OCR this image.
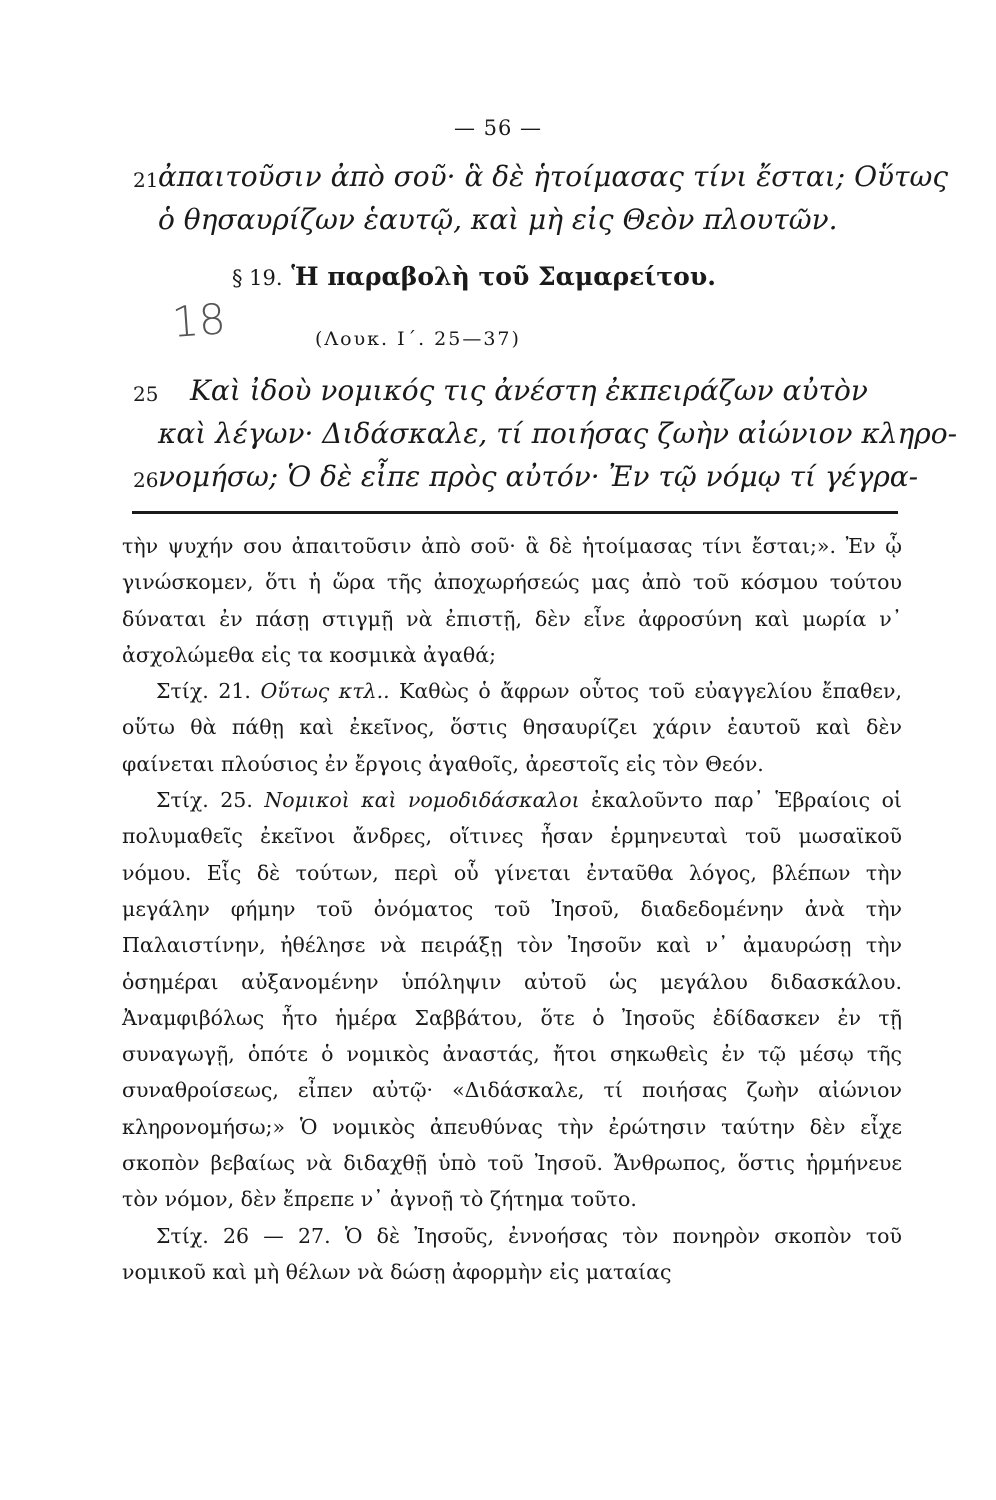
— 56 —
21 ἀπαιτοῦσιν ἀπὸ σοῦ· ἃ δὲ ἡτοίμασας τίνι ἔσται; Οὕτως
ὁ θησαυρίζων ἑαυτῷ, καὶ μὴ εἰς Θεὸν πλουτῶν.
§ 19. Ἡ παραβολὴ τοῦ Σαμαρείτου.
18	(Λουκ. Ι΄. 25—37)
25 Καὶ ἰδοὺ νομικός τις ἀνέστη ἐκπειράζων αὐτὸν
καὶ λέγων· Διδάσκαλε, τί ποιήσας ζωὴν αἰώνιον κληρο-
26 νομήσω; Ὁ δὲ εἶπε πρὸς αὐτόν· Ἐν τῷ νόμῳ τί γέγρα-

τὴν ψυχήν σου ἀπαιτοῦσιν ἀπὸ σοῦ· ἃ δὲ ἡτοίμασας τίνι ἔσται;». Ἐν ᾧ γινώσκομεν, ὅτι ἡ ὥρα τῆς ἀποχωρήσεώς μας ἀπὸ τοῦ κόσμου τούτου δύναται ἐν πάσῃ στιγμῇ νὰ ἐπιστῇ, δὲν εἶνε ἀφροσύνη καὶ μωρία ν᾽ ἀσχολώμεθα εἰς τα κοσμικὰ ἀγαθά;

Στίχ. 21. Οὕτως κτλ.. Καθὼς ὁ ἄφρων οὗτος τοῦ εὐαγγελίου ἔπαθεν, οὕτω θὰ πάθῃ καὶ ἐκεῖνος, ὅστις θησαυρίζει χάριν ἑαυτοῦ καὶ δὲν φαίνεται πλούσιος ἐν ἔργοις ἀγαθοῖς, ἀρεστοῖς εἰς τὸν Θεόν.

Στίχ. 25. Νομικοὶ καὶ νομοδιδάσκαλοι ἐκαλοῦντο παρ᾽ Ἑβραίοις οἱ πολυμαθεῖς ἐκεῖνοι ἄνδρες, οἵτινες ἦσαν ἑρμηνευταὶ τοῦ μωσαϊκοῦ νόμου. Εἷς δὲ τούτων, περὶ οὗ γίνεται ἐνταῦθα λόγος, βλέπων τὴν μεγάλην φήμην τοῦ ὀνόματος τοῦ Ἰησοῦ, διαδεδομένην ἀνὰ τὴν Παλαιστίνην, ἠθέλησε νὰ πειράξῃ τὸν Ἰησοῦν καὶ ν᾽ ἀμαυρώσῃ τὴν ὁσημέραι αὐξανομένην ὑπόληψιν αὐτοῦ ὡς μεγάλου διδασκάλου. Ἀναμφιβόλως ἦτο ἡμέρα Σαββάτου, ὅτε ὁ Ἰησοῦς ἐδίδασκεν ἐν τῇ συναγωγῇ, ὁπότε ὁ νομικὸς ἀναστάς, ἤτοι σηκωθεὶς ἐν τῷ μέσῳ τῆς συναθροίσεως, εἶπεν αὐτῷ· «Διδάσκαλε, τί ποιήσας ζωὴν αἰώνιον κληρονομήσω;» Ὁ νομικὸς ἀπευθύνας τὴν ἐρώτησιν ταύτην δὲν εἶχε σκοπὸν βεβαίως νὰ διδαχθῇ ὑπὸ τοῦ Ἰησοῦ. Ἄνθρωπος, ὅστις ἡρμήνευε τὸν νόμον, δὲν ἔπρεπε ν᾽ ἀγνοῇ τὸ ζήτημα τοῦτο.

Στίχ. 26 — 27. Ὁ δὲ Ἰησοῦς, ἐννοήσας τὸν πονηρὸν σκοπὸν τοῦ νομικοῦ καὶ μὴ θέλων νὰ δώσῃ ἀφορμὴν εἰς ματαίας
